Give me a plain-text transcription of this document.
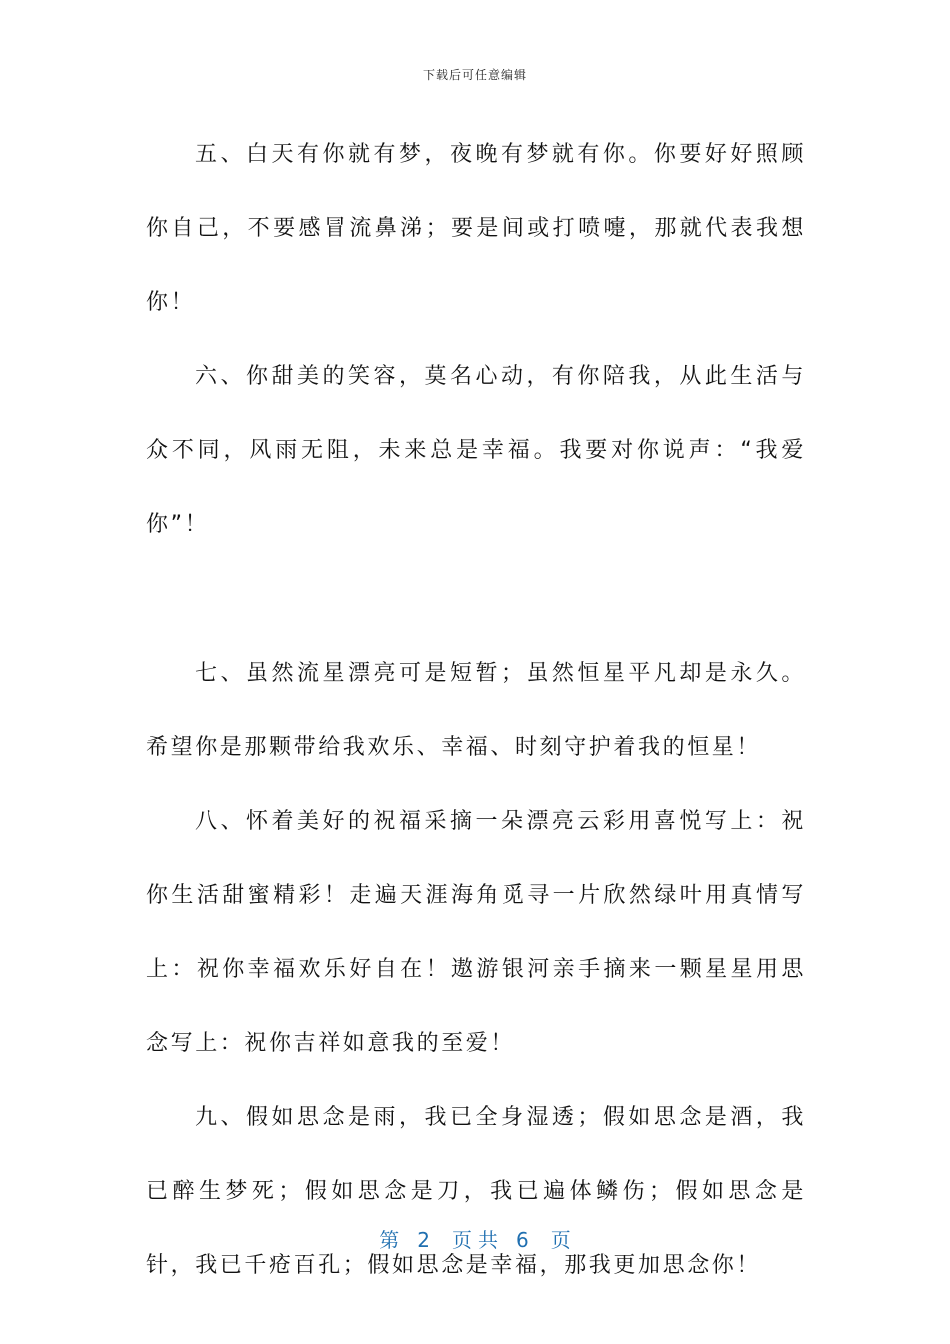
下载后可任意编辑

五、白天有你就有梦，夜晚有梦就有你。你要好好照顾你自己，不要感冒流鼻涕；要是间或打喷嚏，那就代表我想你！

六、你甜美的笑容，莫名心动，有你陪我，从此生活与众不同，风雨无阻，未来总是幸福。我要对你说声：“我爱你”！

七、虽然流星漂亮可是短暂；虽然恒星平凡却是永久。希望你是那颗带给我欢乐、幸福、时刻守护着我的恒星！

八、怀着美好的祝福采摘一朵漂亮云彩用喜悦写上：祝你生活甜蜜精彩！走遍天涯海角觅寻一片欣然绿叶用真情写上：祝你幸福欢乐好自在！遨游银河亲手摘来一颗星星用思念写上：祝你吉祥如意我的至爱！

九、假如思念是雨，我已全身湿透；假如思念是酒，我已醉生梦死；假如思念是刀，我已遍体鳞伤；假如思念是针，我已千疮百孔；假如思念是幸福，那我更加思念你！

第 2 页 共 6 页
